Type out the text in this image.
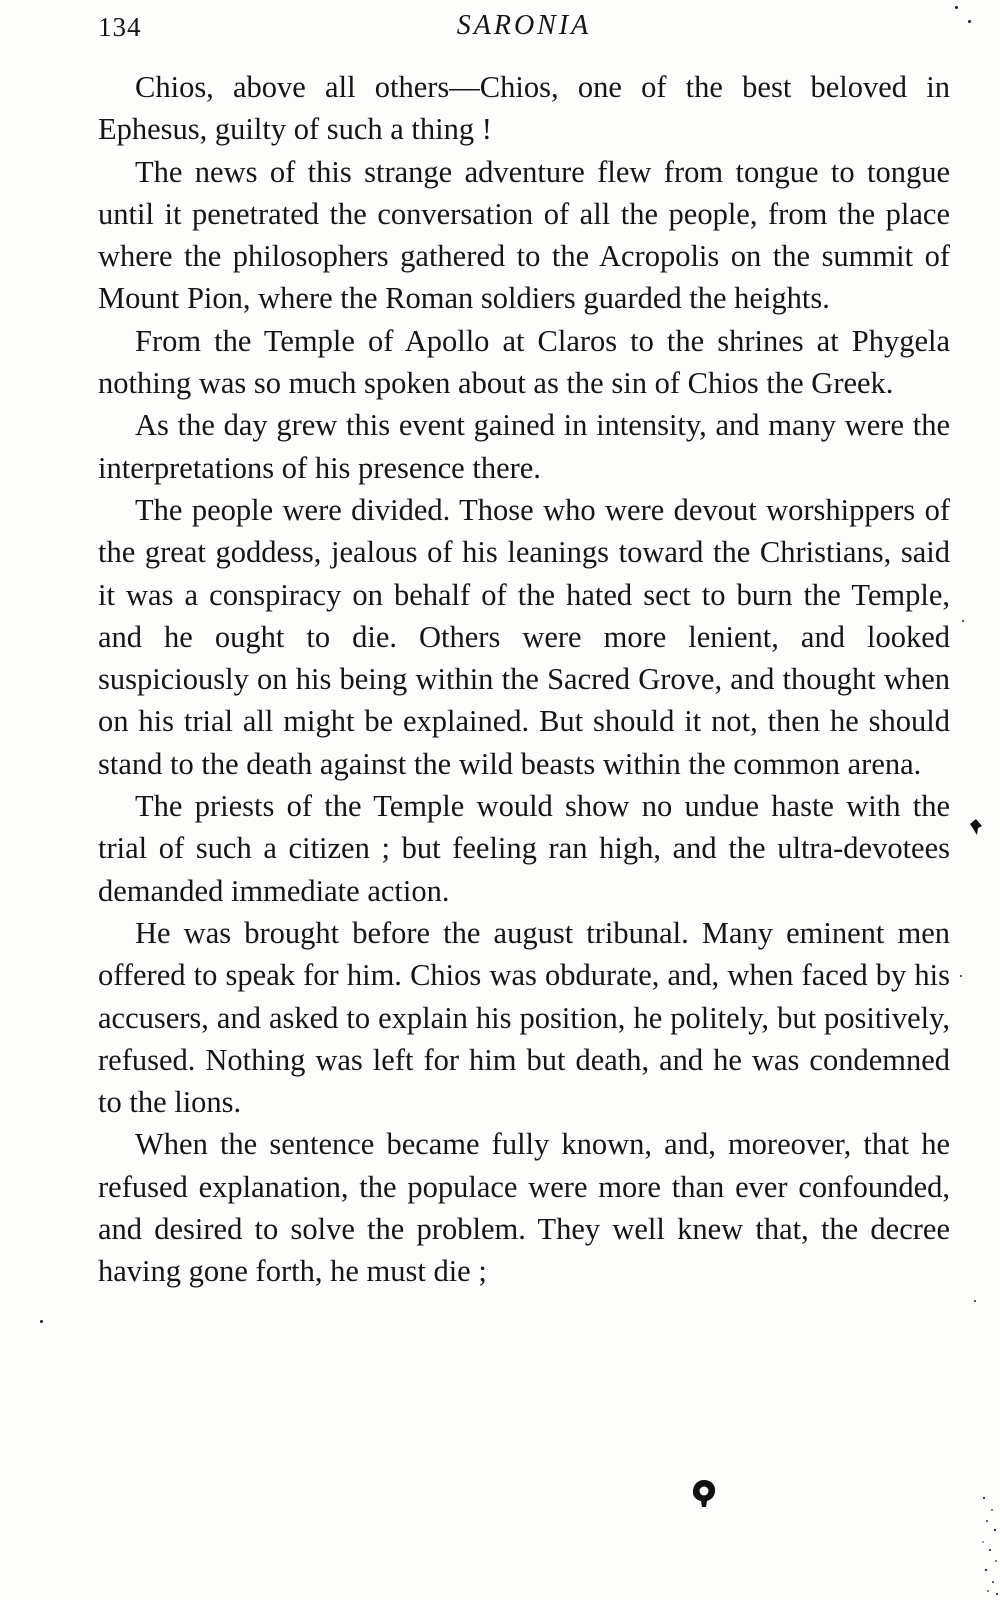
134	SARONIA

Chios, above all others—Chios, one of the best beloved in Ephesus, guilty of such a thing !

The news of this strange adventure flew from tongue to tongue until it penetrated the conversation of all the people, from the place where the philosophers gathered to the Acropolis on the summit of Mount Pion, where the Roman soldiers guarded the heights.

From the Temple of Apollo at Claros to the shrines at Phygela nothing was so much spoken about as the sin of Chios the Greek.

As the day grew this event gained in intensity, and many were the interpretations of his presence there.

The people were divided. Those who were devout worshippers of the great goddess, jealous of his leanings toward the Christians, said it was a conspiracy on behalf of the hated sect to burn the Temple, and he ought to die. Others were more lenient, and looked suspiciously on his being within the Sacred Grove, and thought when on his trial all might be explained. But should it not, then he should stand to the death against the wild beasts within the common arena.

The priests of the Temple would show no undue haste with the trial of such a citizen ; but feeling ran high, and the ultra-devotees demanded immediate action.

He was brought before the august tribunal. Many eminent men offered to speak for him. Chios was obdurate, and, when faced by his accusers, and asked to explain his position, he politely, but positively, refused. Nothing was left for him but death, and he was condemned to the lions.

When the sentence became fully known, and, moreover, that he refused explanation, the populace were more than ever confounded, and desired to solve the problem. They well knew that, the decree having gone forth, he must die ;
